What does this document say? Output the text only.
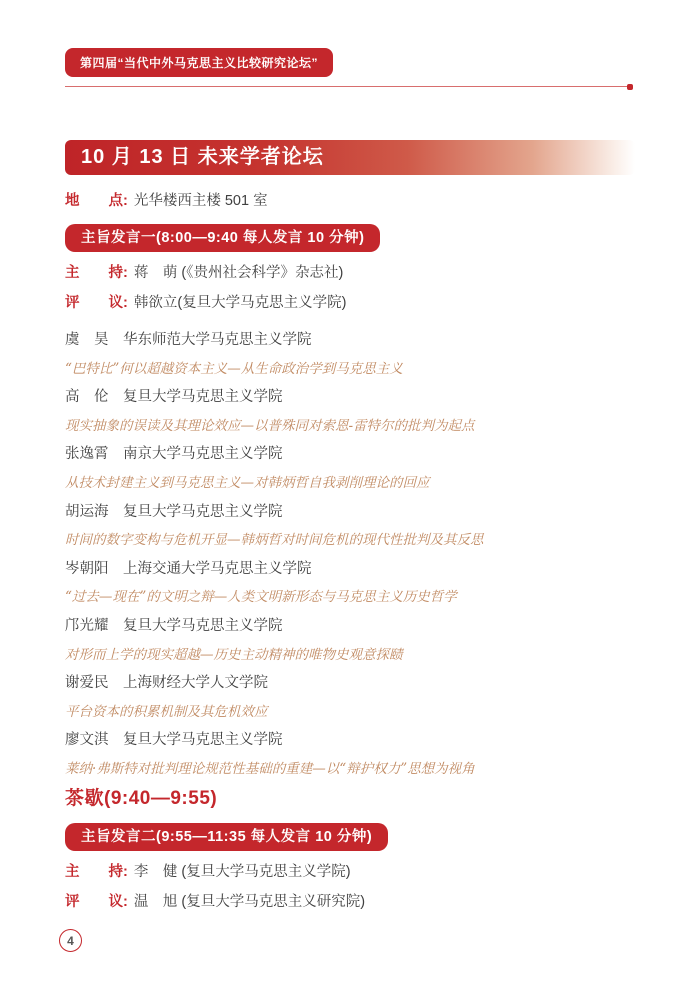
第四届“当代中外马克思主义比较研究论坛”
10 月 13 日 未来学者论坛
地　　点: 光华楼西主楼 501 室
主旨发言一(8:00—9:40 每人发言 10 分钟)
主　　持: 蒋　萌 (《贵州社会科学》杂志社)
评　　议: 韩欲立(复旦大学马克思主义学院)
虞　昊 华东师范大学马克思主义学院
“巴特比”何以超越资本主义—从生命政治学到马克思主义
高　伦 复旦大学马克思主义学院
现实抽象的误读及其理论效应—以普殊同对索恩-雷特尔的批判为起点
张逸霄 南京大学马克思主义学院
从技术封建主义到马克思主义—对韩炳哲自我剥削理论的回应
胡运海 复旦大学马克思主义学院
时间的数字变构与危机开显—韩炳哲对时间危机的现代性批判及其反思
岑朝阳 上海交通大学马克思主义学院
“过去—现在”的文明之辩—人类文明新形态与马克思主义历史哲学
邝光耀 复旦大学马克思主义学院
对形而上学的现实超越—历史主动精神的唯物史观意探赜
谢爱民 上海财经大学人文学院
平台资本的积累机制及其危机效应
廖文淇 复旦大学马克思主义学院
莱纳·弗斯特对批判理论规范性基础的重建—以“辩护权力”思想为视角
茶歇(9:40—9:55)
主旨发言二(9:55—11:35 每人发言 10 分钟)
主　　持: 李　健 (复旦大学马克思主义学院)
评　　议: 温　旭 (复旦大学马克思主义研究院)
4
